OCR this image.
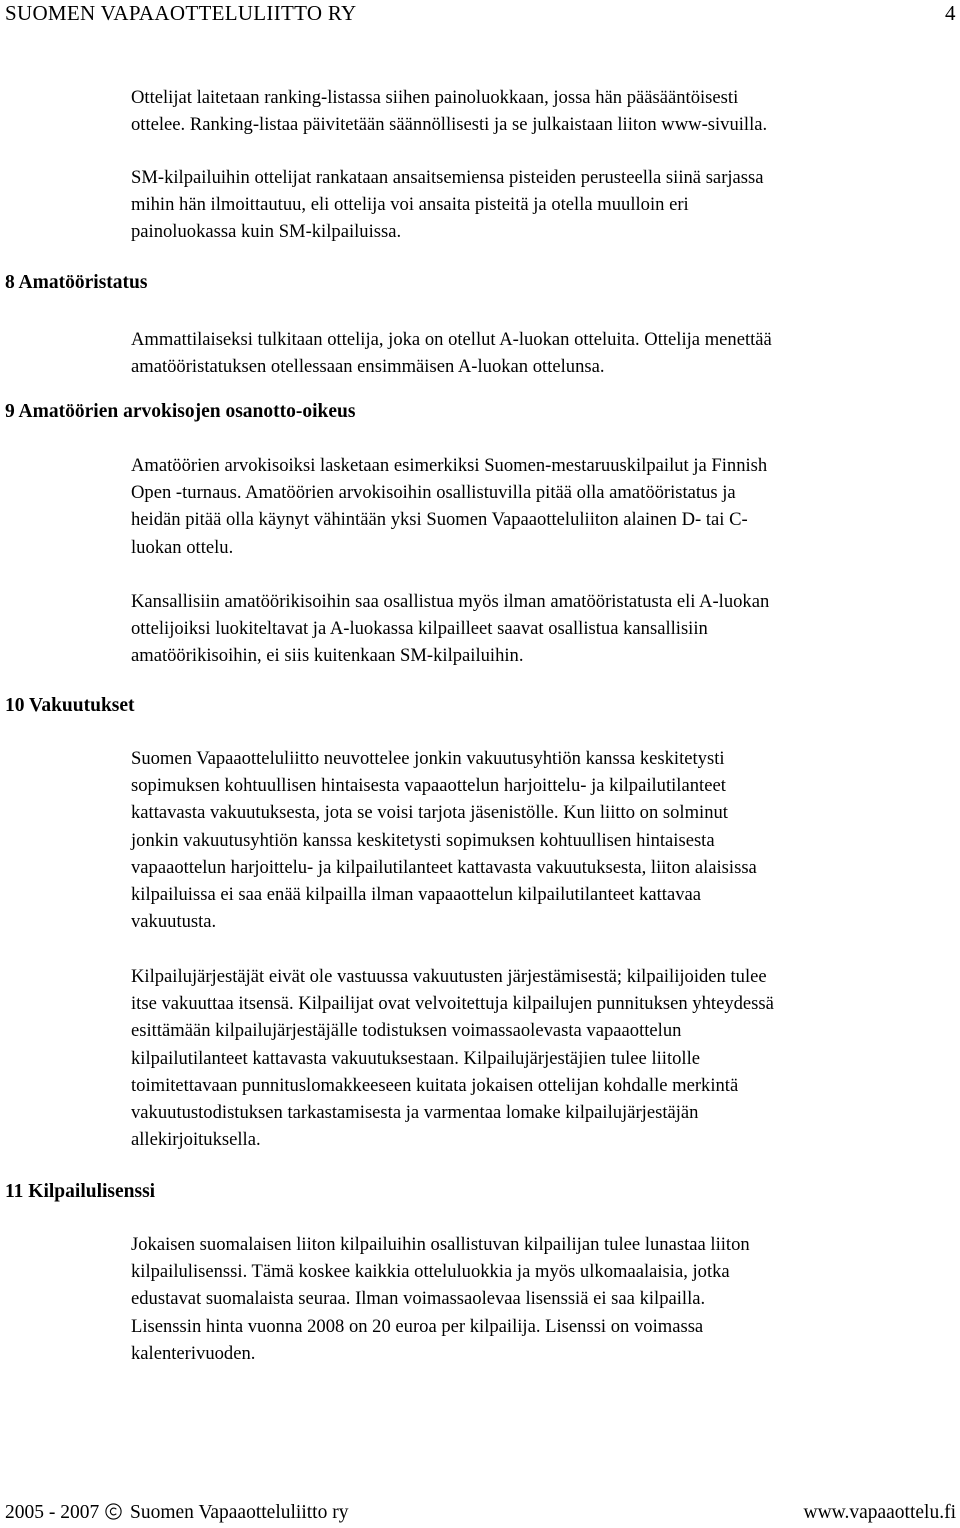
SUOMEN VAPAAOTTELULIITTO RY	4
Ottelijat laitetaan ranking-listassa siihen painoluokkaan, jossa hän pääsääntöisesti
ottelee. Ranking-listaa päivitetään säännöllisesti ja se julkaistaan liiton www-sivuilla.
SM-kilpailuihin ottelijat rankataan ansaitsemiensa pisteiden perusteella siinä sarjassa
mihin hän ilmoittautuu, eli ottelija voi ansaita pisteitä ja otella muulloin eri
painoluokassa kuin SM-kilpailuissa.
8 Amatööristatus
Ammattilaiseksi tulkitaan ottelija, joka on otellut A-luokan otteluita. Ottelija menettää
amatööristatuksen otellessaan ensimmäisen A-luokan ottelunsa.
9 Amatöörien arvokisojen osanotto-oikeus
Amatöörien arvokisoiksi lasketaan esimerkiksi Suomen-mestaruuskilpailut ja Finnish
Open -turnaus. Amatöörien arvokisoihin osallistuvilla pitää olla amatööristatus ja
heidän pitää olla käynyt vähintään yksi Suomen Vapaaotteluliiton alainen D- tai C-
luokan ottelu.
Kansallisiin amatöörikisoihin saa osallistua myös ilman amatööristatusta eli A-luokan
ottelijoiksi luokiteltavat ja A-luokassa kilpailleet saavat osallistua kansallisiin
amatöörikisoihin, ei siis kuitenkaan SM-kilpailuihin.
10 Vakuutukset
Suomen Vapaaotteluliitto neuvottelee jonkin vakuutusyhtiön kanssa keskitetysti
sopimuksen kohtuullisen hintaisesta vapaaottelun harjoittelu- ja kilpailutilanteet
kattavasta vakuutuksesta, jota se voisi tarjota jäsenistölle. Kun liitto on solminut
jonkin vakuutusyhtiön kanssa keskitetysti sopimuksen kohtuullisen hintaisesta
vapaaottelun harjoittelu- ja kilpailutilanteet kattavasta vakuutuksesta, liiton alaisissa
kilpailuissa ei saa enää kilpailla ilman vapaaottelun kilpailutilanteet kattavaa
vakuutusta.
Kilpailujärjestäjät eivät ole vastuussa vakuutusten järjestämisestä; kilpailijoiden tulee
itse vakuuttaa itsensä. Kilpailijat ovat velvoitettuja kilpailujen punnituksen yhteydessä
esittämään kilpailujärjestäjälle todistuksen voimassaolevasta vapaaottelun
kilpailutilanteet kattavasta vakuutuksestaan. Kilpailujärjestäjien tulee liitolle
toimitettavaan punnituslomakkeeseen kuitata jokaisen ottelijan kohdalle merkintä
vakuutustodistuksen tarkastamisesta ja varmentaa lomake kilpailujärjestäjän
allekirjoituksella.
11 Kilpailulisenssi
Jokaisen suomalaisen liiton kilpailuihin osallistuvan kilpailijan tulee lunastaa liiton
kilpailulisenssi. Tämä koskee kaikkia otteluluokkia ja myös ulkomaalaisia, jotka
edustavat suomalaista seuraa. Ilman voimassaolevaa lisenssiä ei saa kilpailla.
Lisenssin hinta vuonna 2008 on 20 euroa per kilpailija. Lisenssi on voimassa
kalenterivuoden.
2005 - 2007 Suomen Vapaaotteluliitto ry	www.vapaaottelu.fi
